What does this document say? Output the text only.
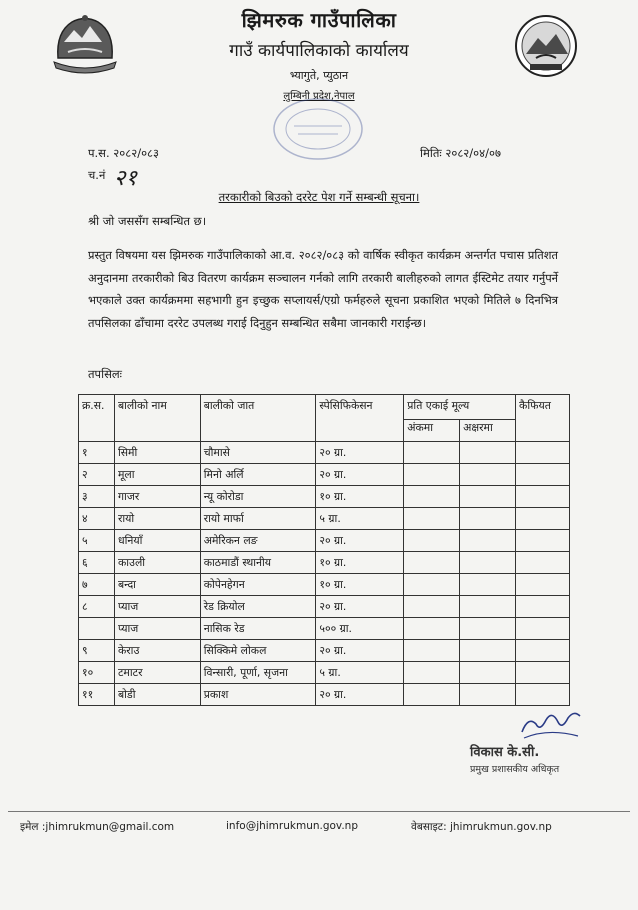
झिमरुक गाउँपालिका
गाउँ कार्यपालिकाको कार्यालय
भ्यागुते, प्युठान
लुम्बिनी प्रदेश,नेपाल
प.स. २०८२/०८३	मितिः २०८२/०४/०७
च.नं २१
तरकारीको बिउको दररेट पेश गर्ने सम्बन्धी सूचना।
श्री जो जससँग सम्बन्धित छ।
प्रस्तुत विषयमा यस झिमरुक गाउँपालिकाको आ.व. २०८२/०८३ को वार्षिक स्वीकृत कार्यक्रम अन्तर्गत पचास प्रतिशत अनुदानमा तरकारीको बिउ वितरण कार्यक्रम सञ्चालन गर्नको लागि तरकारी बालीहरुको लागत ईस्टिमेट तयार गर्नुपर्ने भएकाले उक्त कार्यक्रममा सहभागी हुन इच्छुक सप्लायर्स/एग्रो फर्महरुले सूचना प्रकाशित भएको मितिले ७ दिनभित्र तपसिलका ढाँचामा दररेट उपलब्ध गराई दिनुहुन सम्बन्धित सबैमा जानकारी गराईन्छ।
तपसिलः
क्र.स.	बालीको नाम	बालीको जात	स्पेसिफिकेसन	प्रति एकाई मूल्य		कैफियत
				अंकमा	अक्षरमा	
१	सिमी	चौमासे	२० ग्रा.			
२	मूला	मिनो अर्लि	२० ग्रा.			
३	गाजर	न्यू कोरोडा	१० ग्रा.			
४	रायो	रायो मार्फा	५ ग्रा.			
५	धनियाँ	अमेरिकन लङ	२० ग्रा.			
६	काउली	काठमाडौं स्थानीय	१० ग्रा.			
७	बन्दा	कोपेनहेगन	१० ग्रा.			
८	प्याज	रेड क्रियोल	२० ग्रा.			
	प्याज	नासिक रेड	५०० ग्रा.			
९	केराउ	सिक्किमे लोकल	२० ग्रा.			
१०	टमाटर	विन्सारी, पूर्णा, सृजना	५ ग्रा.			
११	बोडी	प्रकाश	२० ग्रा.			
विकास के.सी.
प्रमुख प्रशासकीय अधिकृत
इमेल :jhimrukmun@gmail.com	info@jhimrukmun.gov.np	वेबसाइट: jhimrukmun.gov.np
